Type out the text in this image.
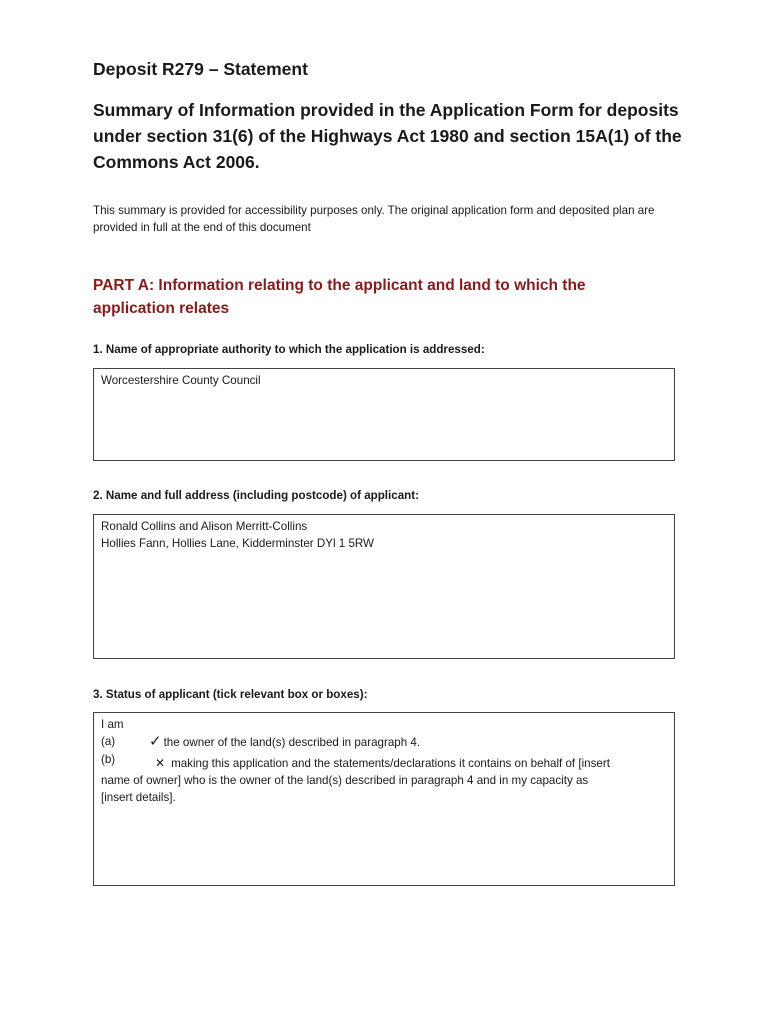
Deposit R279 – Statement
Summary of Information provided in the Application Form for deposits under section 31(6) of the Highways Act 1980 and section 15A(1) of the Commons Act 2006.

This summary is provided for accessibility purposes only. The original application form and deposited plan are provided in full at the end of this document

PART A: Information relating to the applicant and land to which the application relates

1. Name of appropriate authority to which the application is addressed:

Worcestershire County Council

2. Name and full address (including postcode) of applicant:

Ronald Collins and Alison Merritt-Collins
Hollies Fann, Hollies Lane, Kidderminster DYl 1 5RW

3. Status of applicant (tick relevant box or boxes):

I am
(a)	✓ the owner of the land(s) described in paragraph 4.
(b)	✕ making this application and the statements/declarations it contains on behalf of [insert
name of owner] who is the owner of the land(s) described in paragraph 4 and in my capacity as
[insert details].
